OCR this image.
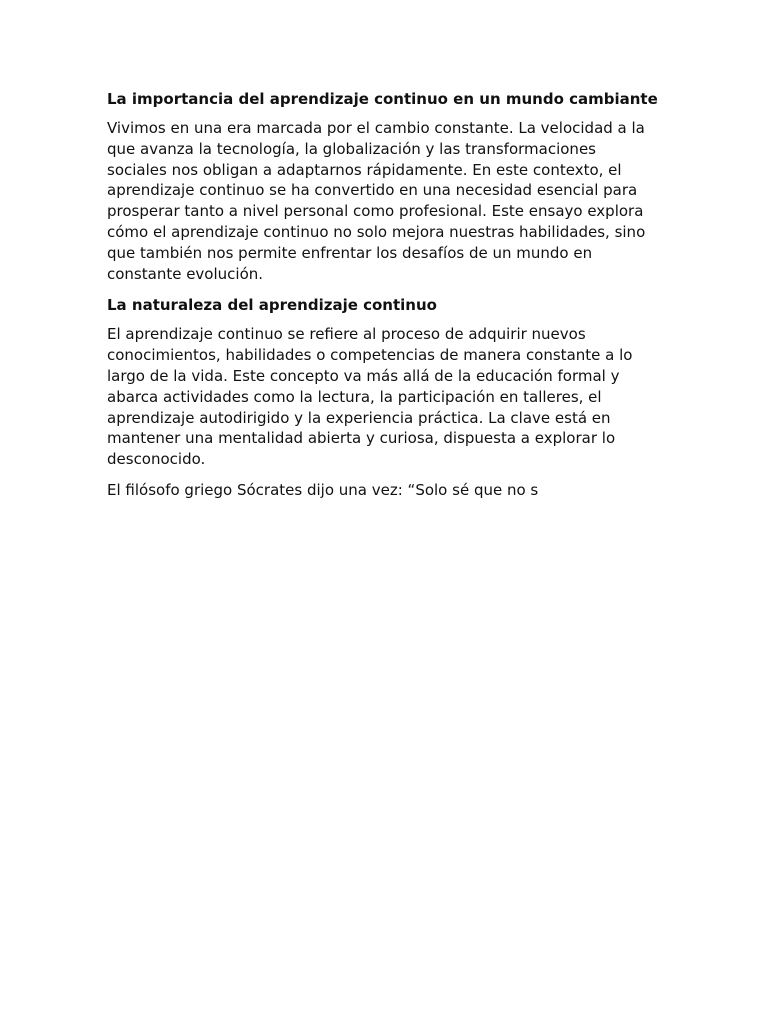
La importancia del aprendizaje continuo en un mundo cambiante
Vivimos en una era marcada por el cambio constante. La velocidad a la
que avanza la tecnología, la globalización y las transformaciones
sociales nos obligan a adaptarnos rápidamente. En este contexto, el
aprendizaje continuo se ha convertido en una necesidad esencial para
prosperar tanto a nivel personal como profesional. Este ensayo explora
cómo el aprendizaje continuo no solo mejora nuestras habilidades, sino
que también nos permite enfrentar los desafíos de un mundo en
constante evolución.
La naturaleza del aprendizaje continuo
El aprendizaje continuo se refiere al proceso de adquirir nuevos
conocimientos, habilidades o competencias de manera constante a lo
largo de la vida. Este concepto va más allá de la educación formal y
abarca actividades como la lectura, la participación en talleres, el
aprendizaje autodirigido y la experiencia práctica. La clave está en
mantener una mentalidad abierta y curiosa, dispuesta a explorar lo
desconocido.
El filósofo griego Sócrates dijo una vez: “Solo sé que no s
